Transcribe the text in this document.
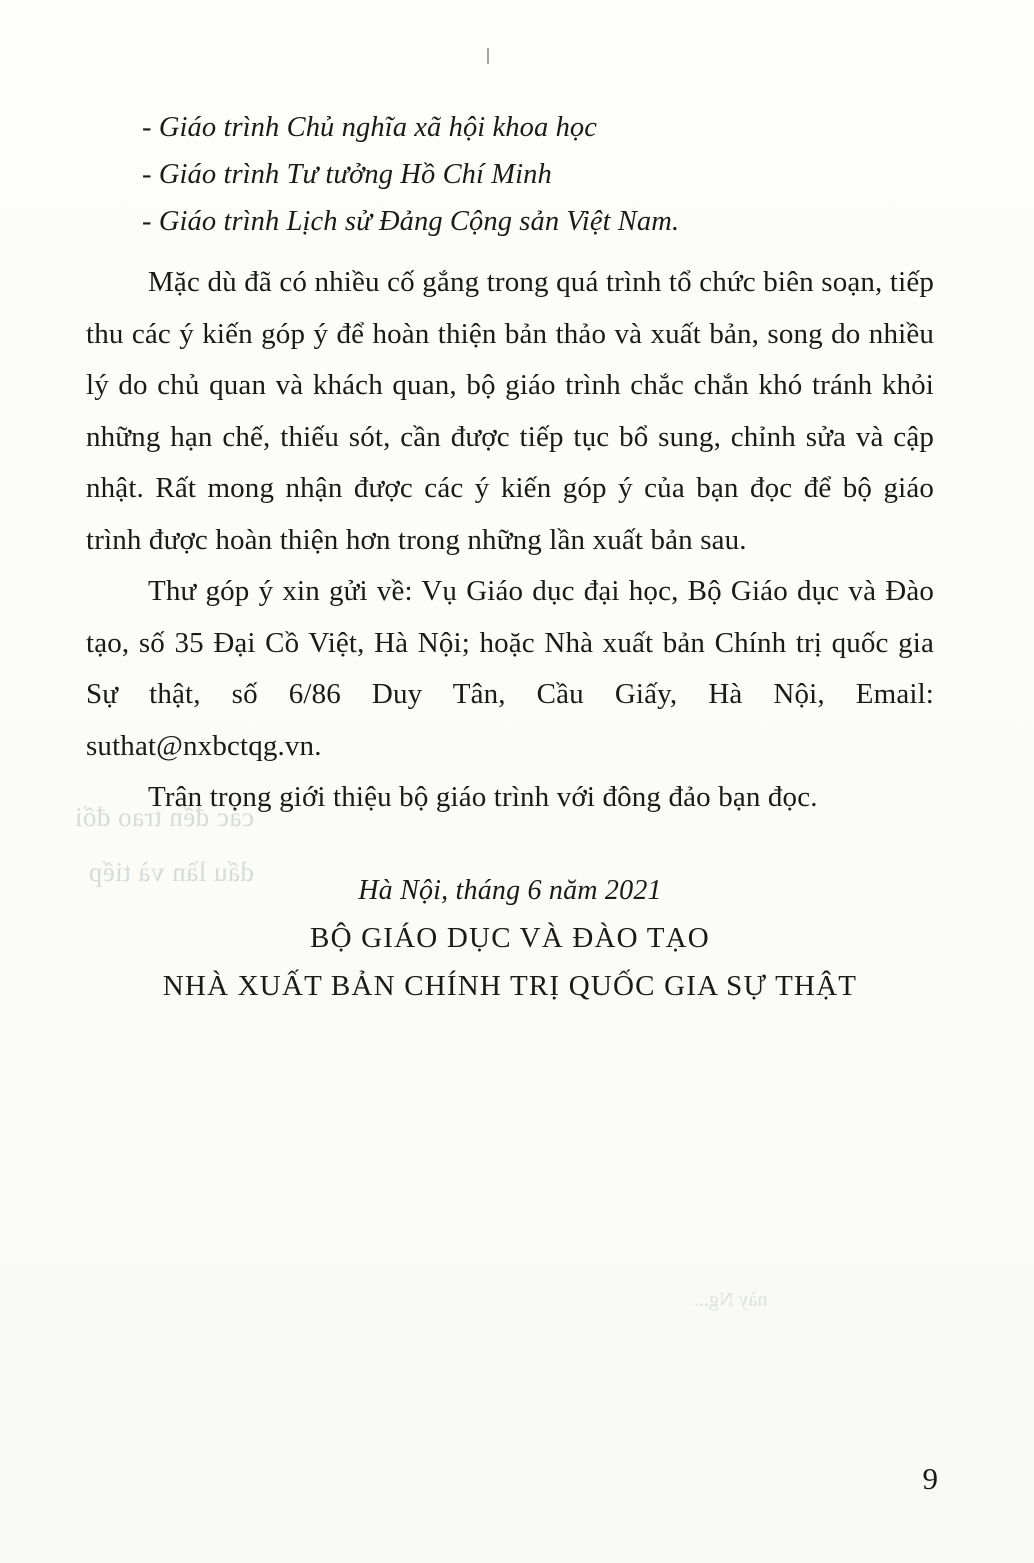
các đến trao đổi dấu lần và tiếp
này Ng...
- Giáo trình Chủ nghĩa xã hội khoa học
- Giáo trình Tư tưởng Hồ Chí Minh
- Giáo trình Lịch sử Đảng Cộng sản Việt Nam.

Mặc dù đã có nhiều cố gắng trong quá trình tổ chức biên soạn, tiếp thu các ý kiến góp ý để hoàn thiện bản thảo và xuất bản, song do nhiều lý do chủ quan và khách quan, bộ giáo trình chắc chắn khó tránh khỏi những hạn chế, thiếu sót, cần được tiếp tục bổ sung, chỉnh sửa và cập nhật. Rất mong nhận được các ý kiến góp ý của bạn đọc để bộ giáo trình được hoàn thiện hơn trong những lần xuất bản sau.

Thư góp ý xin gửi về: Vụ Giáo dục đại học, Bộ Giáo dục và Đào tạo, số 35 Đại Cồ Việt, Hà Nội; hoặc Nhà xuất bản Chính trị quốc gia Sự thật, số 6/86 Duy Tân, Cầu Giấy, Hà Nội, Email: suthat@nxbctqg.vn.

Trân trọng giới thiệu bộ giáo trình với đông đảo bạn đọc.

Hà Nội, tháng 6 năm 2021
BỘ GIÁO DỤC VÀ ĐÀO TẠO
NHÀ XUẤT BẢN CHÍNH TRỊ QUỐC GIA SỰ THẬT
9
